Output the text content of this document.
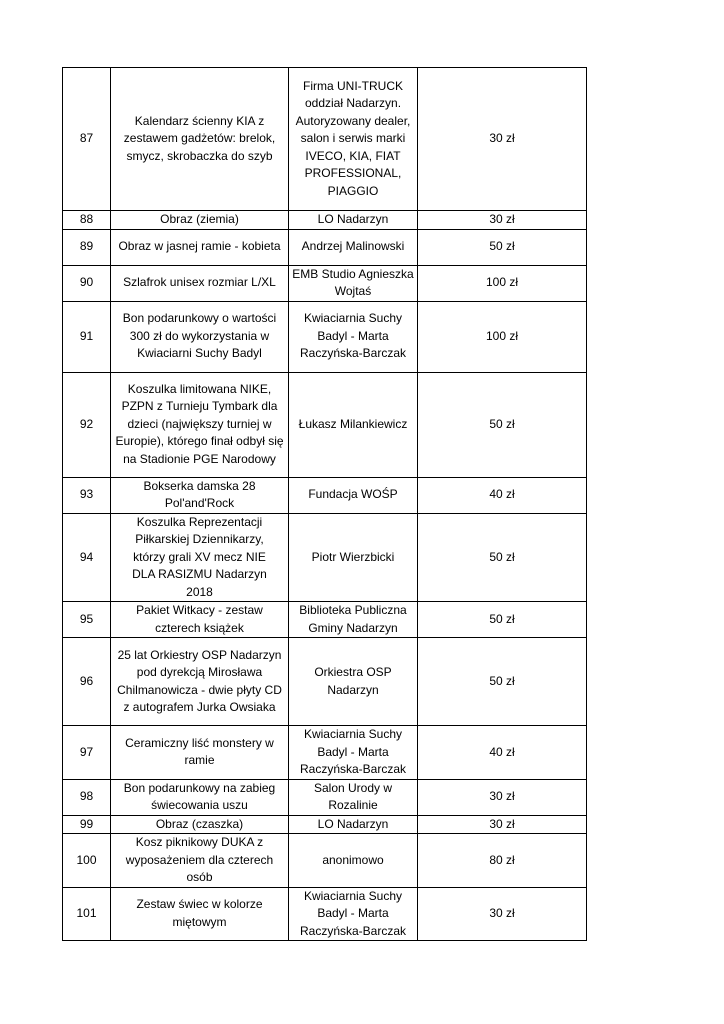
87	Kalendarz ścienny KIA z zestawem gadżetów: brelok, smycz, skrobaczka do szyb	Firma UNI-TRUCK oddział Nadarzyn. Autoryzowany dealer, salon i serwis marki IVECO, KIA, FIAT PROFESSIONAL, PIAGGIO	30 zł
88	Obraz (ziemia)	LO Nadarzyn	30 zł
89	Obraz w jasnej ramie - kobieta	Andrzej Malinowski	50 zł
90	Szlafrok unisex rozmiar L/XL	EMB Studio Agnieszka Wojtaś	100 zł
91	Bon podarunkowy o wartości 300 zł do wykorzystania w Kwiaciarni Suchy Badyl	Kwiaciarnia Suchy Badyl - Marta Raczyńska-Barczak	100 zł
92	Koszulka limitowana NIKE, PZPN z Turnieju Tymbark dla dzieci (największy turniej w Europie), którego finał odbył się na Stadionie PGE Narodowy	Łukasz Milankiewicz	50 zł
93	Bokserka damska 28 Pol'and'Rock	Fundacja WOŚP	40 zł
94	Koszulka Reprezentacji Piłkarskiej Dziennikarzy, którzy grali XV mecz NIE DLA RASIZMU Nadarzyn 2018	Piotr Wierzbicki	50 zł
95	Pakiet Witkacy - zestaw czterech książek	Biblioteka Publiczna Gminy Nadarzyn	50 zł
96	25 lat Orkiestry OSP Nadarzyn pod dyrekcją Mirosława Chilmanowicza - dwie płyty CD z autografem Jurka Owsiaka	Orkiestra OSP Nadarzyn	50 zł
97	Ceramiczny liść monstery w ramie	Kwiaciarnia Suchy Badyl - Marta Raczyńska-Barczak	40 zł
98	Bon podarunkowy na zabieg świecowania uszu	Salon Urody w Rozalinie	30 zł
99	Obraz (czaszka)	LO Nadarzyn	30 zł
100	Kosz piknikowy DUKA z wyposażeniem dla czterech osób	anonimowo	80 zł
101	Zestaw świec w kolorze miętowym	Kwiaciarnia Suchy Badyl - Marta Raczyńska-Barczak	30 zł
